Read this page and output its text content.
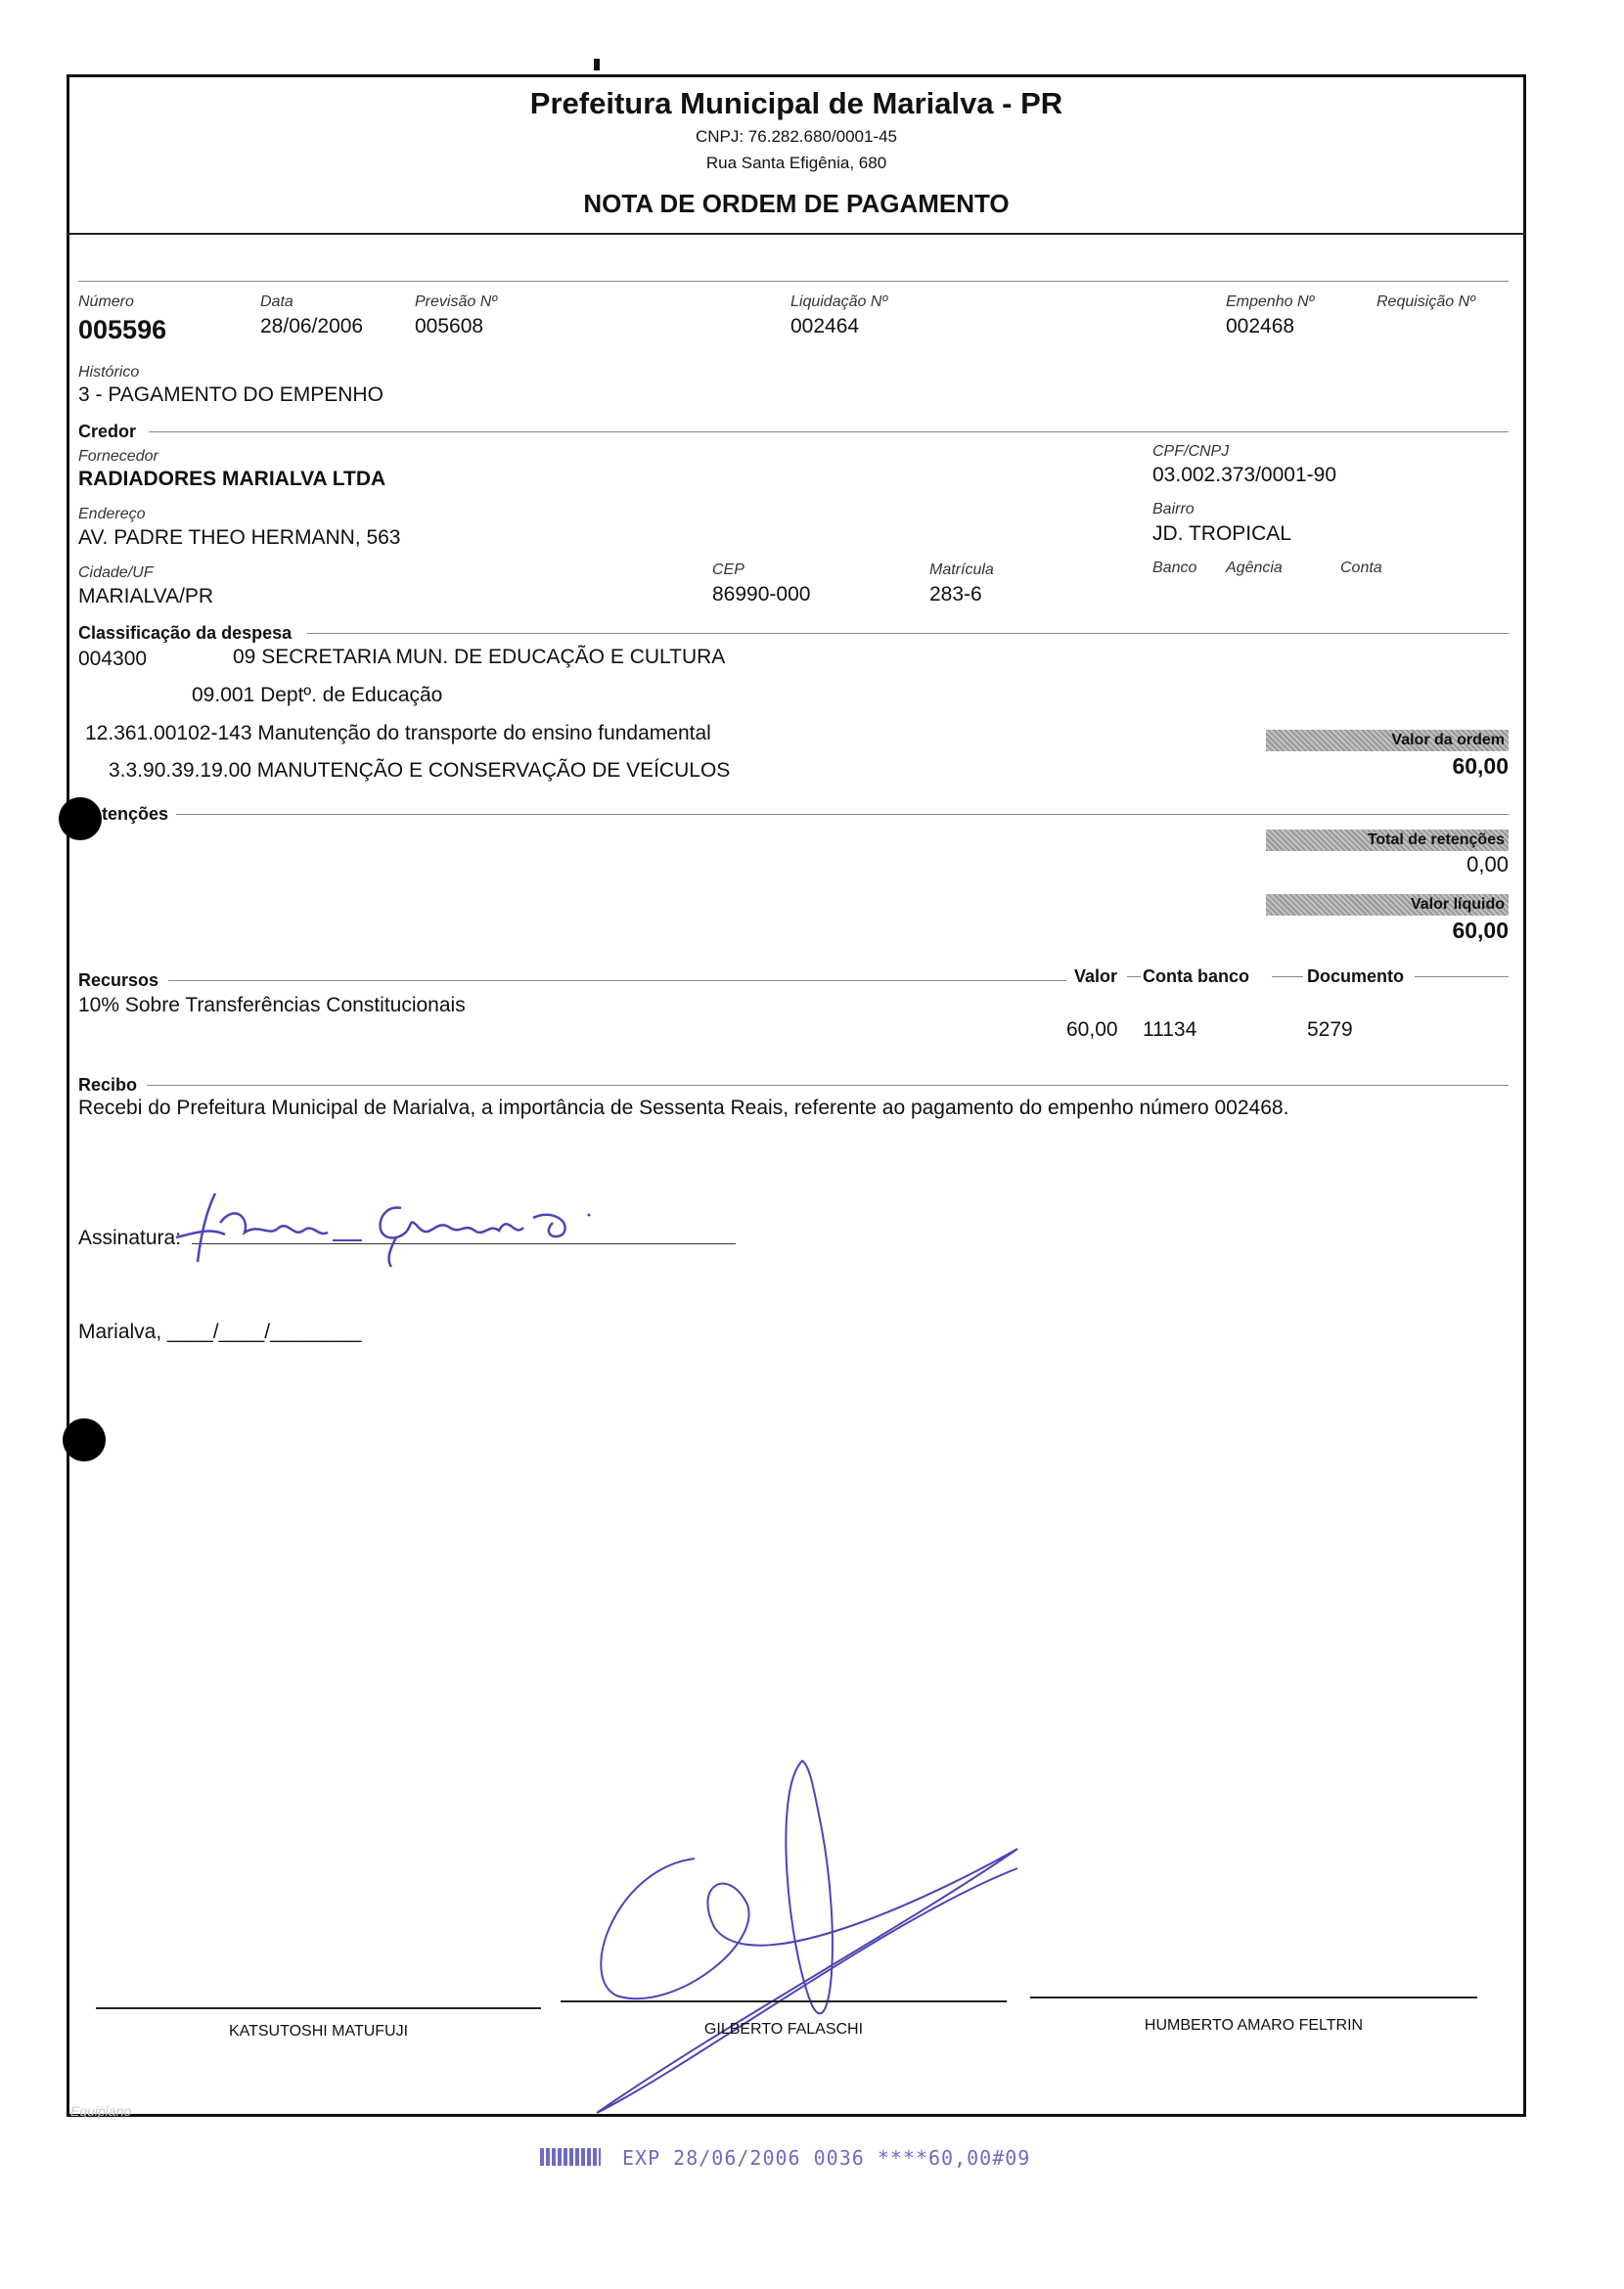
Prefeitura Municipal de Marialva - PR
CNPJ: 76.282.680/0001-45
Rua Santa Efigênia, 680
NOTA DE ORDEM DE PAGAMENTO
Número
005596
Data
28/06/2006
Previsão Nº
005608
Liquidação Nº
002464
Empenho Nº
002468
Requisição Nº
Histórico
3 - PAGAMENTO DO EMPENHO
Credor
Fornecedor
RADIADORES MARIALVA LTDA
CPF/CNPJ
03.002.373/0001-90
Endereço
AV. PADRE THEO HERMANN, 563
Bairro
JD. TROPICAL
Cidade/UF
MARIALVA/PR
CEP
86990-000
Matrícula
283-6
Banco Agência	Conta
Classificação da despesa
004300	09 SECRETARIA MUN. DE EDUCAÇÃO E CULTURA
09.001 Deptº. de Educação
12.361.00102-143 Manutenção do transporte do ensino fundamental
3.3.90.39.19.00 MANUTENÇÃO E CONSERVAÇÃO DE VEÍCULOS
Valor da ordem
60,00
tenções
Total de retenções
0,00
Valor líquido
60,00
Recursos	Valor Conta banco	Documento
10% Sobre Transferências Constitucionais
60,00 11134	5279
Recibo
Recebi do Prefeitura Municipal de Marialva, a importância de Sessenta Reais, referente ao pagamento do empenho número 002468.
Assinatura:
Marialva, ____/____/________
KATSUTOSHI MATUFUJI	GILBERTO FALASCHI	HUMBERTO AMARO FELTRIN
Equiplano
EXP 28/06/2006 0036 ****60,00#09
